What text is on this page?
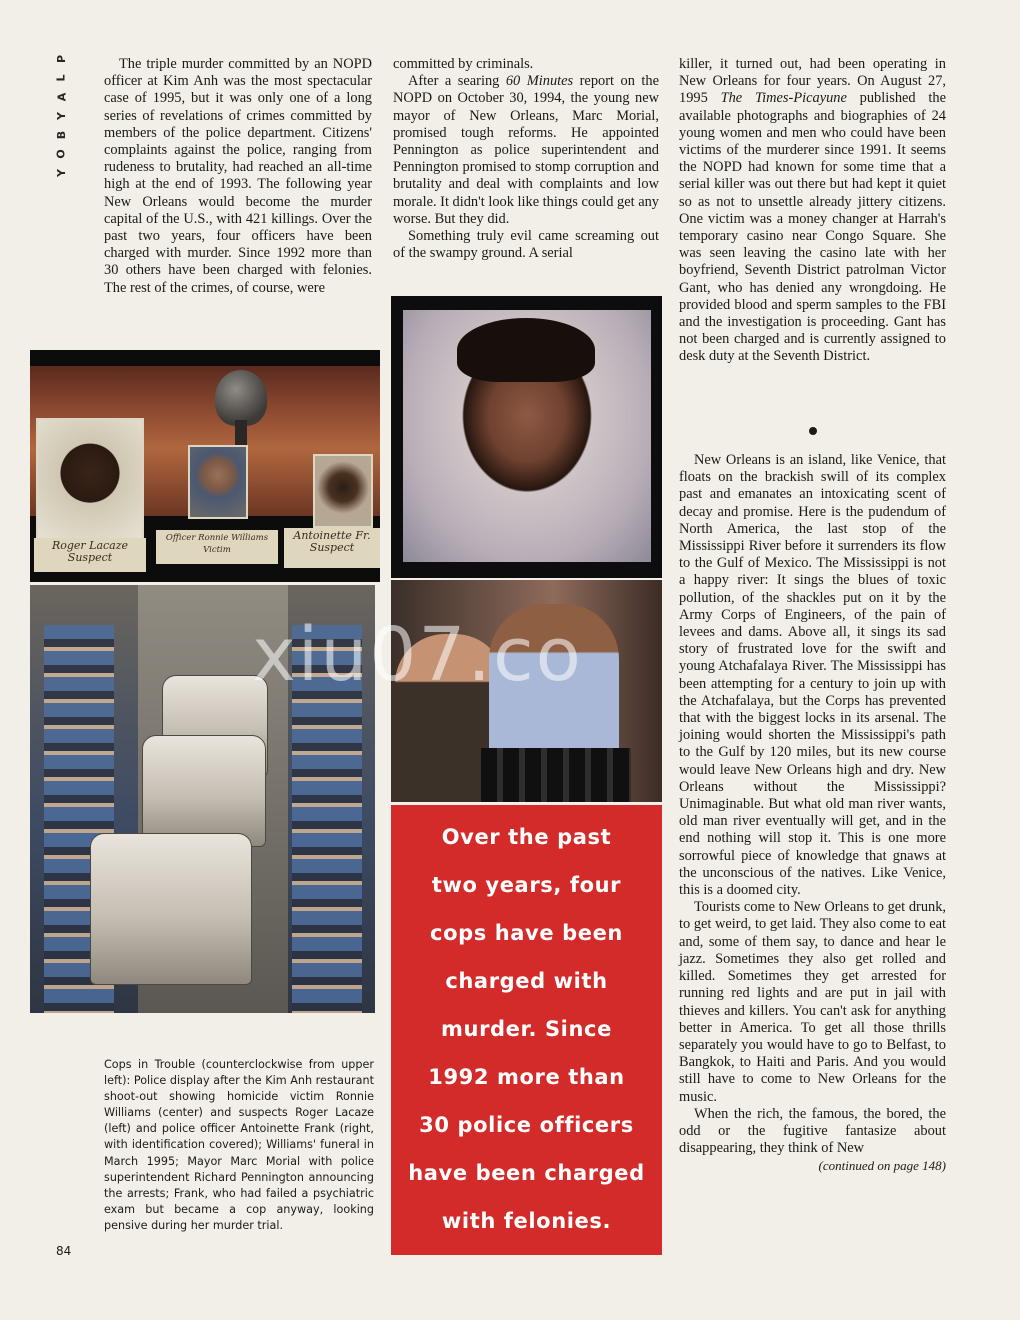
P
L
A
Y
B
O
Y

The triple murder committed by an NOPD officer at Kim Anh was the most spectacular case of 1995, but it was only one of a long series of revelations of crimes committed by members of the police department. Citizens' complaints against the police, ranging from rudeness to brutality, had reached an all-time high at the end of 1993. The following year New Orleans would become the murder capital of the U.S., with 421 killings. Over the past two years, four officers have been charged with murder. Since 1992 more than 30 others have been charged with felonies. The rest of the crimes, of course, were

committed by criminals.

After a searing 60 Minutes report on the NOPD on October 30, 1994, the young new mayor of New Orleans, Marc Morial, promised tough reforms. He appointed Pennington as police superintendent and Pennington promised to stomp corruption and brutality and deal with complaints and low morale. It didn't look like things could get any worse. But they did.

Something truly evil came screaming out of the swampy ground. A serial

killer, it turned out, had been operating in New Orleans for four years. On August 27, 1995 The Times-Picayune published the available photographs and biographies of 24 young women and men who could have been victims of the murderer since 1991. It seems the NOPD had known for some time that a serial killer was out there but had kept it quiet so as not to unsettle already jittery citizens. One victim was a money changer at Harrah's temporary casino near Congo Square. She was seen leaving the casino late with her boyfriend, Seventh District patrolman Victor Gant, who has denied any wrongdoing. He provided blood and sperm samples to the FBI and the investigation is proceeding. Gant has not been charged and is currently assigned to desk duty at the Seventh District.

New Orleans is an island, like Venice, that floats on the brackish swill of its complex past and emanates an intoxicating scent of decay and promise. Here is the pudendum of North America, the last stop of the Mississippi River before it surrenders its flow to the Gulf of Mexico. The Mississippi is not a happy river: It sings the blues of toxic pollution, of the shackles put on it by the Army Corps of Engineers, of the pain of levees and dams. Above all, it sings its sad story of frustrated love for the swift and young Atchafalaya River. The Mississippi has been attempting for a century to join up with the Atchafalaya, but the Corps has prevented that with the biggest locks in its arsenal. The joining would shorten the Mississippi's path to the Gulf by 120 miles, but its new course would leave New Orleans high and dry. New Orleans without the Mississippi? Unimaginable. But what old man river wants, old man river eventually will get, and in the end nothing will stop it. This is one more sorrowful piece of knowledge that gnaws at the unconscious of the natives. Like Venice, this is a doomed city.

Tourists come to New Orleans to get drunk, to get weird, to get laid. They also come to eat and, some of them say, to dance and hear le jazz. Sometimes they also get rolled and killed. Sometimes they get arrested for running red lights and are put in jail with thieves and killers. You can't ask for anything better in America. To get all those thrills separately you would have to go to Belfast, to Bangkok, to Haiti and Paris. And you would still have to come to New Orleans for the music.

When the rich, the famous, the bored, the odd or the fugitive fantasize about disappearing, they think of New

(continued on page 148)
Roger Lacaze
Suspect
Officer Ronnie Williams
Victim
Antoinette Fr.
Suspect
xiu07.co
Over the past
two years, four
cops have been
charged with
murder. Since
1992 more than
30 police officers
have been charged
with felonies.
Cops in Trouble (counterclockwise from upper left): Police display after the Kim Anh restaurant shoot-out showing homicide victim Ronnie Williams (center) and suspects Roger Lacaze (left) and police officer Antoinette Frank (right, with identification covered); Williams' funeral in March 1995; Mayor Marc Morial with police superintendent Richard Pennington announcing the arrests; Frank, who had failed a psychiatric exam but became a cop anyway, looking pensive during her murder trial.
84
